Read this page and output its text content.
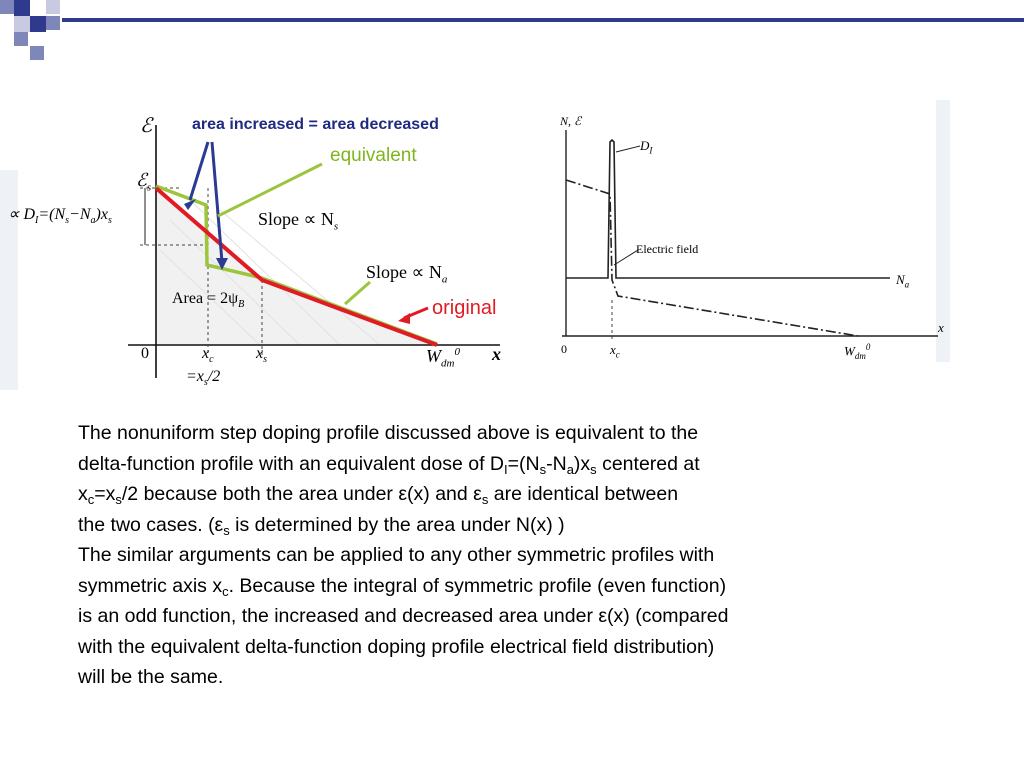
ℰ
ℰ$_s$
∝ $D_I=(N_s-N_a)x_s$	Slope ∝ $N_s$
Slope ∝ $N_a$
Area = $2\psi_B$
0	$x_c$	$x_s$
$=x_s/2$
$W_{dm}^0$ x
area increased = area decreased
equivalent
original
N, ℰ
$D_I$
Electric field
$N_a$
0	$x_c$	$W_{dm}^0$
x
The nonuniform step doping profile discussed above is equivalent to the
delta-function profile with an equivalent dose of $D_I=(N_s-N_a)x_s$ centered at
$x_c=x_s/2$ because both the area under ε(x) and $\varepsilon_s$ are identical between
the two cases. ($\varepsilon_s$ is determined by the area under N(x) )
The similar arguments can be applied to any other symmetric profiles with
symmetric axis $x_c$. Because the integral of symmetric profile (even function)
is an odd function, the increased and decreased area under ε(x) (compared
with the equivalent delta-function doping profile electrical field distribution)
will be the same.
